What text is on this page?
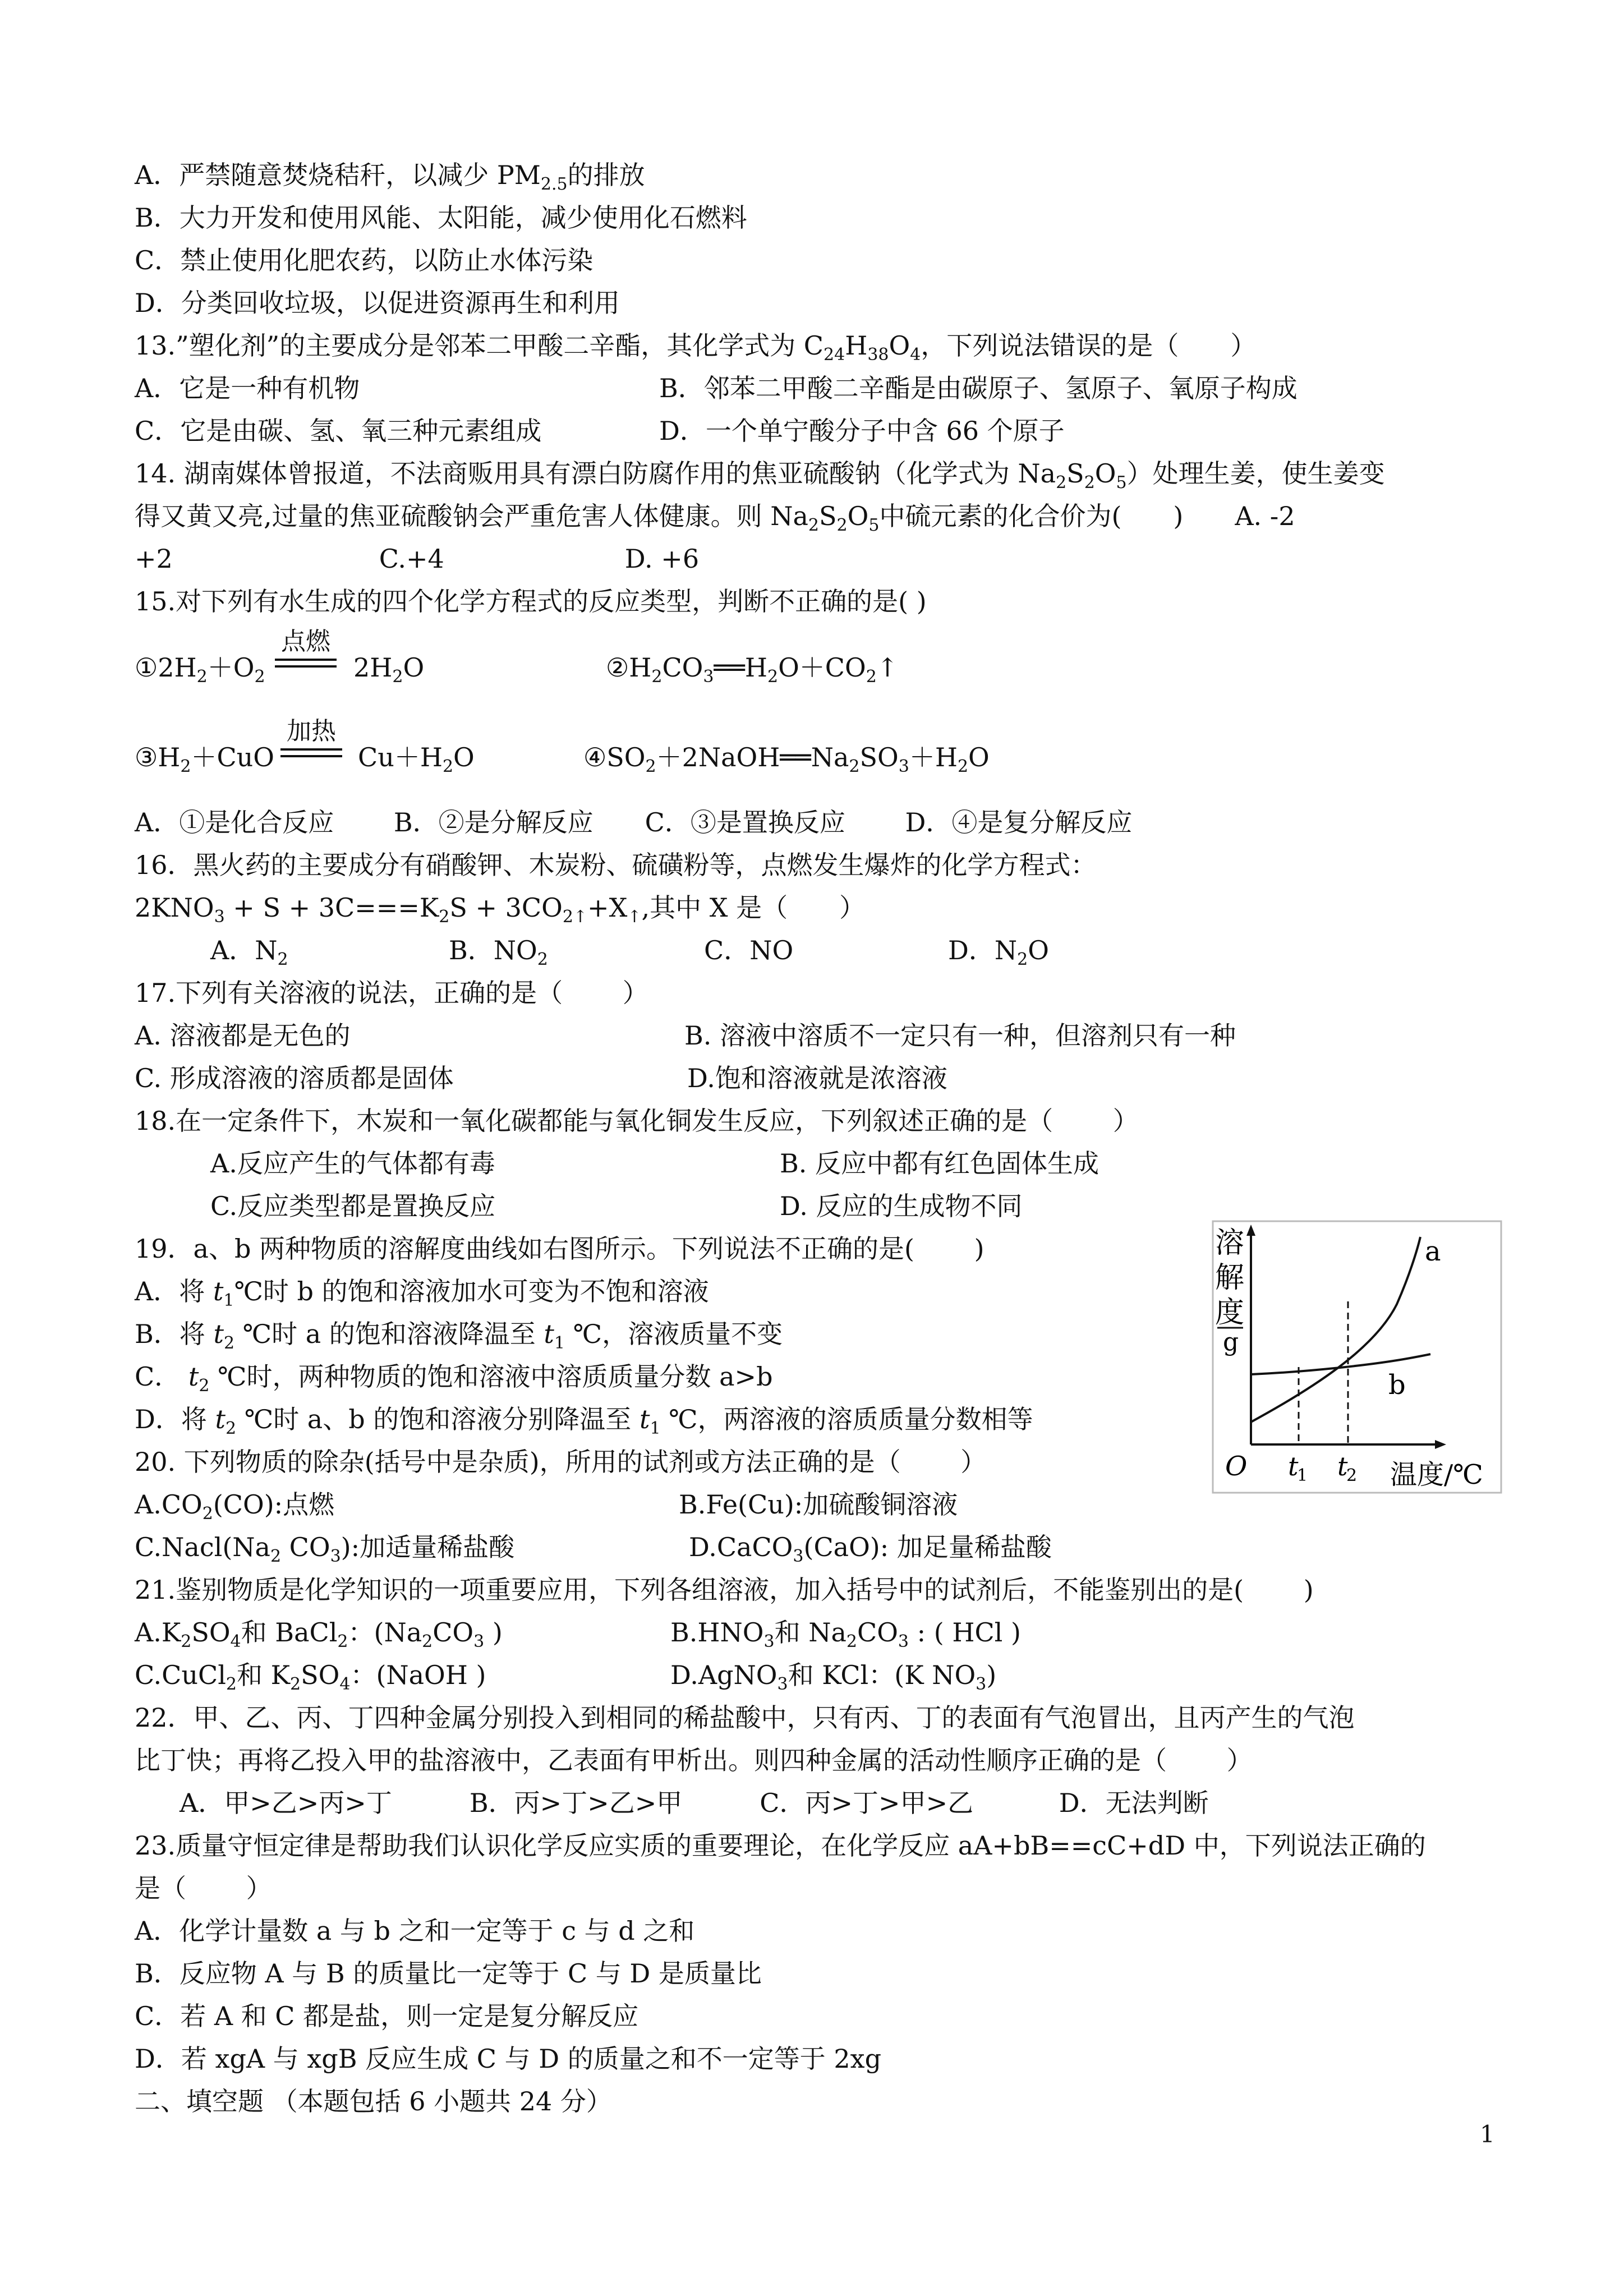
A．严禁随意焚烧秸秆，以减少 $PM_{2.5}$的排放
B．大力开发和使用风能、太阳能，减少使用化石燃料
C．禁止使用化肥农药，以防止水体污染
D．分类回收垃圾，以促进资源再生和利用
13.”塑化剂”的主要成分是邻苯二甲酸二辛酯，其化学式为 $C_{24}H_{38}O_4$，下列说法错误的是（　　）
A．它是一种有机物	B．邻苯二甲酸二辛酯是由碳原子、氢原子、氧原子构成
C．它是由碳、氢、氧三种元素组成	D．一个单宁酸分子中含 66 个原子
14. 湖南媒体曾报道，不法商贩用具有漂白防腐作用的焦亚硫酸钠（化学式为 $Na_2S_2O_5$）处理生姜，使生姜变
得又黄又亮,过量的焦亚硫酸钠会严重危害人体健康。则 $Na_2S_2O_5$中硫元素的化合价为(　　)　　A. -2
+2　　　　　　　　C.+4　　　　　　　D. +6
15.对下列有水生成的四个化学方程式的反应类型，判断不正确的是( )
$①2H_2+O_2$
点燃
$2H_2O$	$②H_2CO_3══H_2O+CO_2↑$
$③H_2+CuO$
加热
$Cu+H_2O$	$④SO_2+2NaOH══Na_2SO_3+H_2O$
A．①是化合反应　　 B．②是分解反应　　C．③是置换反应　　 D．④是复分解反应
16．黑火药的主要成分有硝酸钾、木炭粉、硫磺粉等，点燃发生爆炸的化学方程式：
$2KNO_3 + S + 3C===K_2S + 3CO_{2↑}+X_↑$,其中 X 是（　　）
A．$N_2$	B．$NO_2$	C．NO	D．$N_2O$
17.下列有关溶液的说法，正确的是（　　 ）
A. 溶液都是无色的	B. 溶液中溶质不一定只有一种，但溶剂只有一种
C. 形成溶液的溶质都是固体	D.饱和溶液就是浓溶液
18.在一定条件下，木炭和一氧化碳都能与氧化铜发生反应，下列叙述正确的是（　　 ）
A.反应产生的气体都有毒	B. 反应中都有红色固体生成
C.反应类型都是置换反应	D. 反应的生成物不同
19．a、b 两种物质的溶解度曲线如右图所示。下列说法不正确的是(　　 )
A．将 $t_1℃$时 b 的饱和溶液加水可变为不饱和溶液
B．将 $t_2$ ℃时 a 的饱和溶液降温至 $t_1$ ℃，溶液质量不变
C． $t_2$ ℃时，两种物质的饱和溶液中溶质质量分数 a>b
D．将 $t_2$ ℃时 a、b 的饱和溶液分别降温至 $t_1$ ℃，两溶液的溶质质量分数相等
溶
解
度
g
a
b
O t
1 t
2 温度/℃
20. 下列物质的除杂(括号中是杂质)，所用的试剂或方法正确的是（　　 ）
$A.CO_2(CO)$:点燃	B.Fe(Cu):加硫酸铜溶液
$C.Nacl(Na_2$ $CO_3$):加适量稀盐酸	D.CaCO$_3$(CaO): 加足量稀盐酸
21.鉴别物质是化学知识的一项重要应用，下列各组溶液，加入括号中的试剂后，不能鉴别出的是(　　 )
$A.K_2SO_4$和 BaCl$_2$：($Na_2CO_3$ )	$B.HNO_3$和 $Na_2CO_3$ : ( HCl )
C.CuCl$_2$和 $K_2SO_4$：(NaOH )	D.AgNO$_3$和 KCl：(K $NO_3$)
22．甲、乙、丙、丁四种金属分别投入到相同的稀盐酸中，只有丙、丁的表面有气泡冒出，且丙产生的气泡
比丁快；再将乙投入甲的盐溶液中，乙表面有甲析出。则四种金属的活动性顺序正确的是（　　 ）
A．甲>乙>丙>丁　　　B．丙>丁>乙>甲　　　C．丙>丁>甲>乙　　　 D．无法判断
23.质量守恒定律是帮助我们认识化学反应实质的重要理论，在化学反应 aA+bB==cC+dD 中，下列说法正确的
是（　　 ）
A．化学计量数 a 与 b 之和一定等于 c 与 d 之和
B．反应物 A 与 B 的质量比一定等于 C 与 D 是质量比
C．若 A 和 C 都是盐，则一定是复分解反应
D．若 xgA 与 xgB 反应生成 C 与 D 的质量之和不一定等于 2xg
二、填空题 （本题包括 6 小题共 24 分）
1
